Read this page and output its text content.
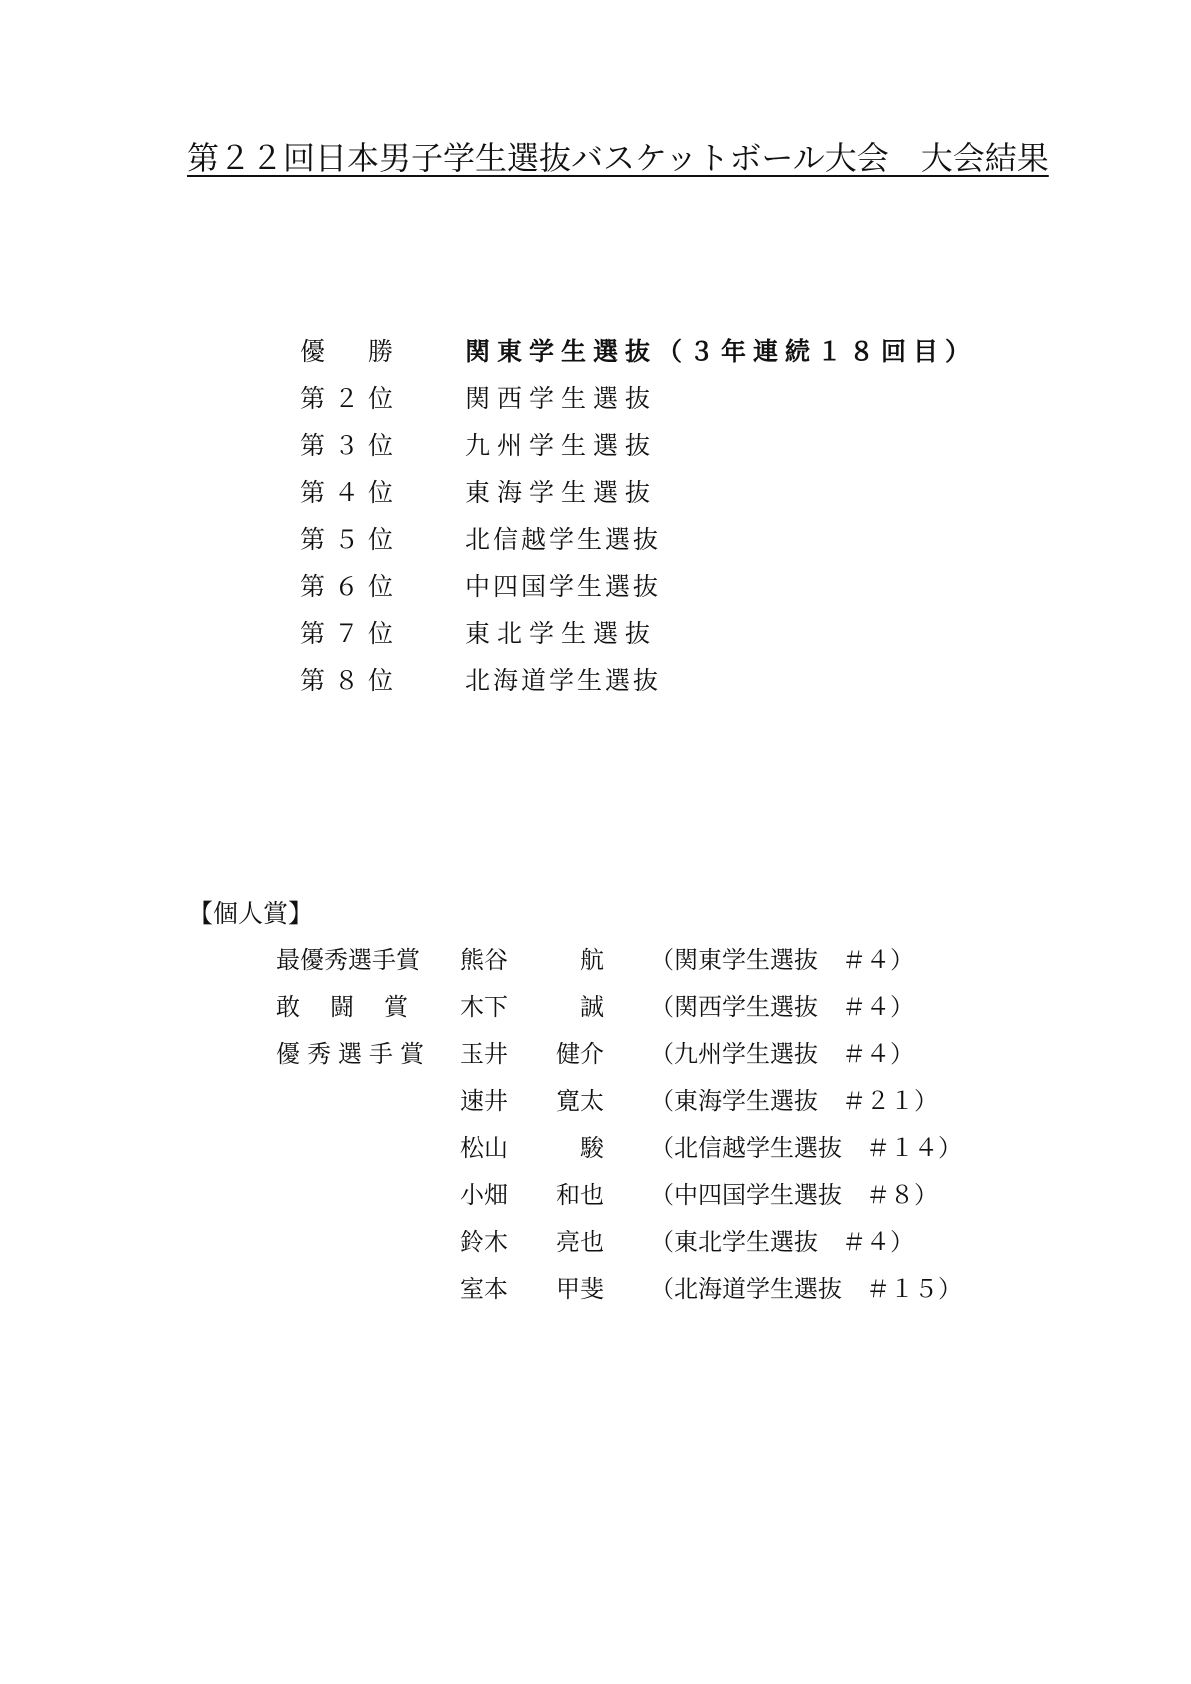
第２２回日本男子学生選抜バスケットボール大会　大会結果
優勝 関東学生選抜（３年連続１８回目）
第２位	関西学生選抜
第３位	九州学生選抜
第４位	東海学生選抜
第５位	北信越学生選抜
第６位	中四国学生選抜
第７位	東北学生選抜
第８位	北海道学生選抜
【個人賞】
最優秀選手賞	熊谷	航 （関東学生選抜　＃４）
敢闘賞 木下	誠 （関西学生選抜　＃４）
優秀選手賞 玉井	健介 （九州学生選抜　＃４）
速井	寛太 （東海学生選抜　＃２１）
松山	駿 （北信越学生選抜　＃１４）
小畑	和也 （中四国学生選抜　＃８）
鈴木	亮也 （東北学生選抜　＃４）
室本	甲斐 （北海道学生選抜　＃１５）
